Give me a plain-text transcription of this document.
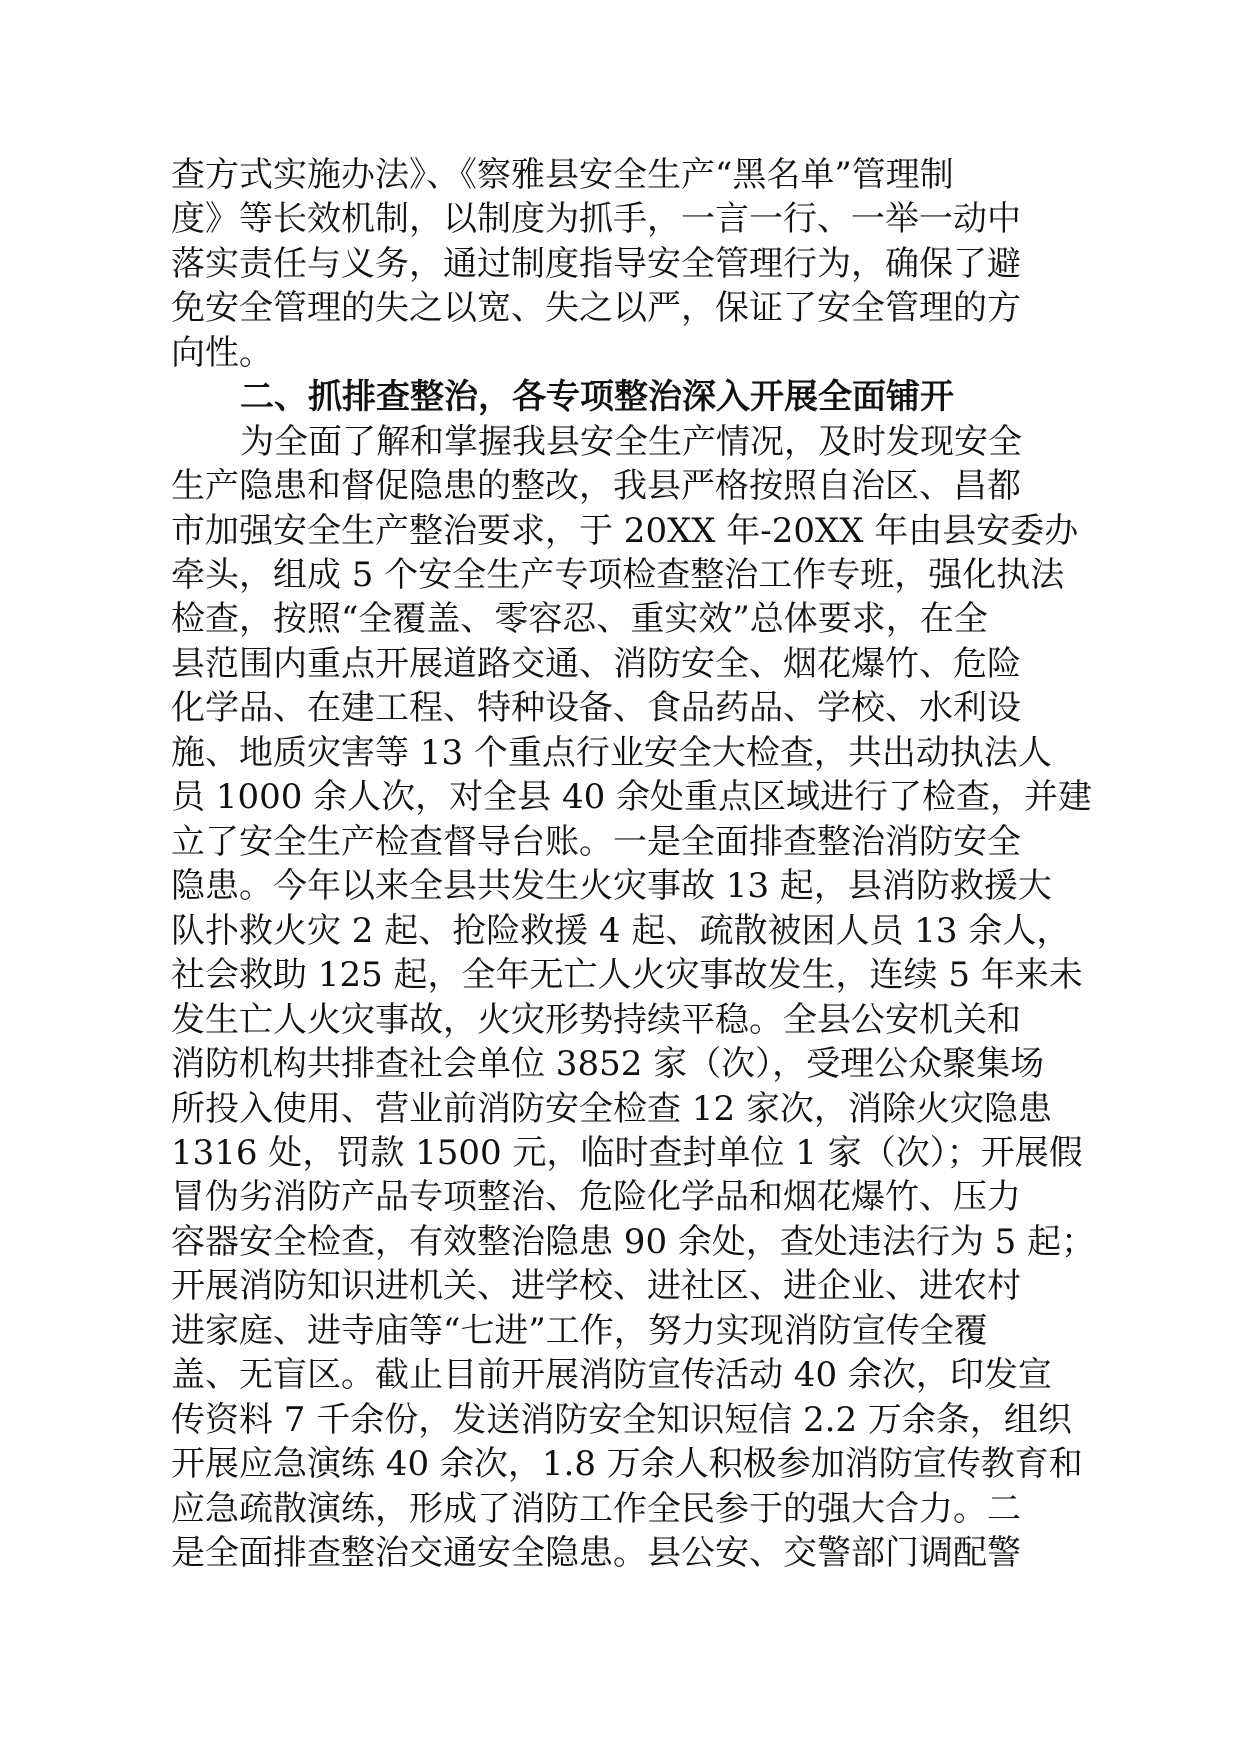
查方式实施办法》、《察雅县安全生产“黑名单”管理制

度》等长效机制，以制度为抓手，一言一行、一举一动中

落实责任与义务，通过制度指导安全管理行为，确保了避

免安全管理的失之以宽、失之以严，保证了安全管理的方

向性。

二、抓排查整治，各专项整治深入开展全面铺开

为全面了解和掌握我县安全生产情况，及时发现安全

生产隐患和督促隐患的整改，我县严格按照自治区、昌都

市加强安全生产整治要求，于 20XX 年-20XX 年由县安委办

牵头，组成 5 个安全生产专项检查整治工作专班，强化执法

检查，按照“全覆盖、零容忍、重实效”总体要求，在全

县范围内重点开展道路交通、消防安全、烟花爆竹、危险

化学品、在建工程、特种设备、食品药品、学校、水利设

施、地质灾害等 13 个重点行业安全大检查，共出动执法人

员 1000 余人次，对全县 40 余处重点区域进行了检查，并建

立了安全生产检查督导台账。一是全面排查整治消防安全

隐患。今年以来全县共发生火灾事故 13 起，县消防救援大

队扑救火灾 2 起、抢险救援 4 起、疏散被困人员 13 余人，

社会救助 125 起，全年无亡人火灾事故发生，连续 5 年来未

发生亡人火灾事故，火灾形势持续平稳。全县公安机关和

消防机构共排查社会单位 3852 家（次），受理公众聚集场

所投入使用、营业前消防安全检查 12 家次，消除火灾隐患

1316 处，罚款 1500 元，临时查封单位 1 家（次）；开展假

冒伪劣消防产品专项整治、危险化学品和烟花爆竹、压力

容器安全检查，有效整治隐患 90 余处，查处违法行为 5 起；

开展消防知识进机关、进学校、进社区、进企业、进农村

进家庭、进寺庙等“七进”工作，努力实现消防宣传全覆

盖、无盲区。截止目前开展消防宣传活动 40 余次，印发宣

传资料 7 千余份，发送消防安全知识短信 2.2 万余条，组织

开展应急演练 40 余次，1.8 万余人积极参加消防宣传教育和

应急疏散演练，形成了消防工作全民参于的强大合力。二

是全面排查整治交通安全隐患。县公安、交警部门调配警
